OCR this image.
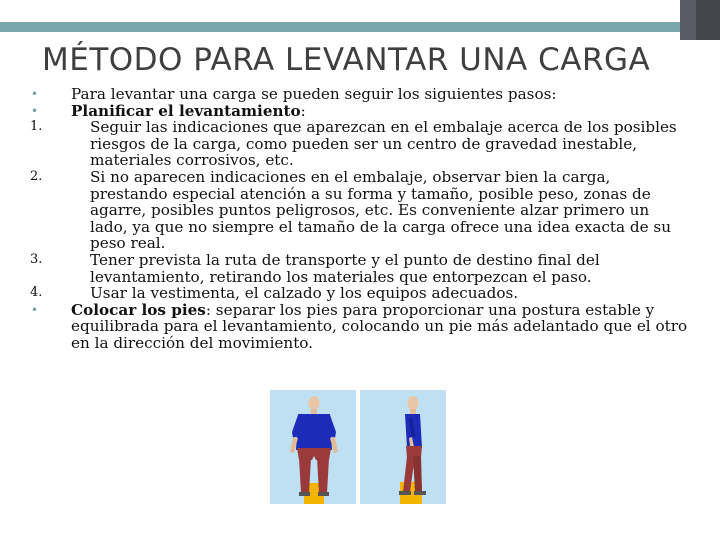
MÉTODO PARA LEVANTAR UNA CARGA
• Para levantar una carga se pueden seguir los siguientes pasos:
• Planificar el levantamiento:
1.	Seguir las indicaciones que aparezcan en el embalaje acerca de los posibles riesgos de la carga, como pueden ser un centro de gravedad inestable, materiales corrosivos, etc.
2.	Si no aparecen indicaciones en el embalaje, observar bien la carga, prestando especial atención a su forma y tamaño, posible peso, zonas de agarre, posibles puntos peligrosos, etc. Es conveniente alzar primero un lado, ya que no siempre el tamaño de la carga ofrece una idea exacta de su peso real.
3.	Tener prevista la ruta de transporte y el punto de destino final del levantamiento, retirando los materiales que entorpezcan el paso.
4.	Usar la vestimenta, el calzado y los equipos adecuados.
• Colocar los pies: separar los pies para proporcionar una postura estable y equilibrada para el levantamiento, colocando un pie más adelantado que el otro en la dirección del movimiento.
